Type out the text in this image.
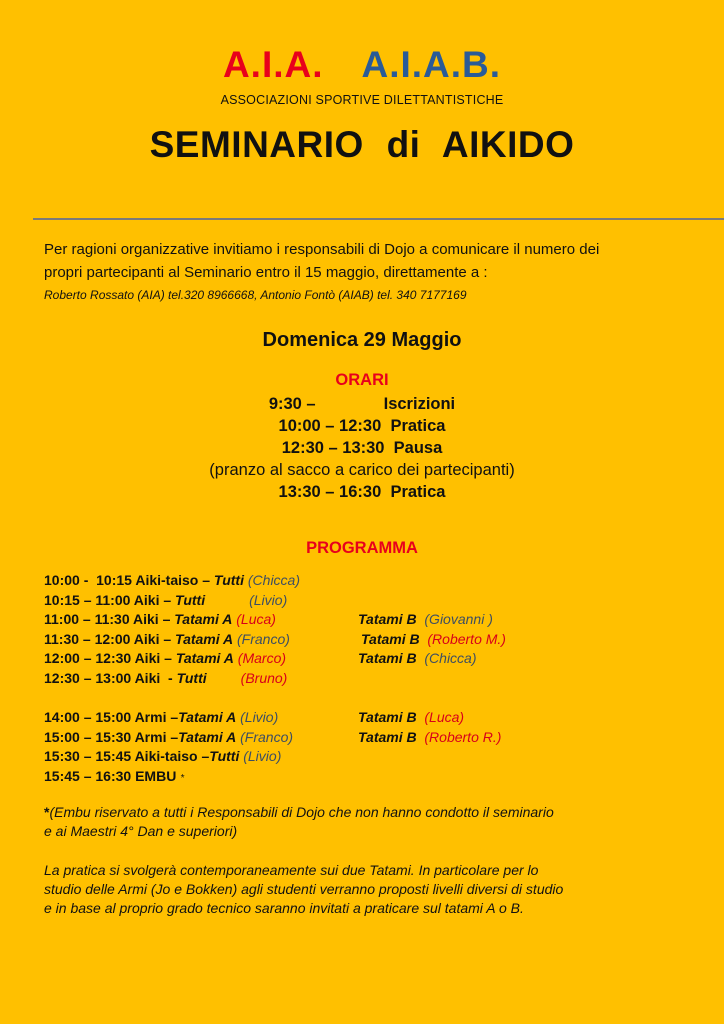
A.I.A. A.I.A.B.
ASSOCIAZIONI SPORTIVE DILETTANTISTICHE
SEMINARIO di AIKIDO
Per ragioni organizzative invitiamo i responsabili di Dojo a comunicare il numero dei
propri partecipanti al Seminario entro il 15 maggio, direttamente a :
Roberto Rossato (AIA) tel.320 8966668, Antonio Fontò (AIAB) tel. 340 7177169
Domenica 29 Maggio
ORARI
9:30 –	Iscrizioni
10:00 – 12:30 Pratica
12:30 – 13:30 Pausa
(pranzo al sacco a carico dei partecipanti)
13:30 – 16:30 Pratica
PROGRAMMA
10:00 -  10:15 Aiki-taiso – Tutti (Chicca)
10:15 – 11:00 Aiki – Tutti	(Livio)
11:00 – 11:30 Aiki – Tatami A (Luca)	Tatami B (Giovanni )
11:30 – 12:00 Aiki – Tatami A (Franco)	Tatami B (Roberto M.)
12:00 – 12:30 Aiki – Tatami A (Marco)	Tatami B (Chicca)
12:30 – 13:00 Aiki  - Tutti (Bruno)
14:00 – 15:00 Armi –Tatami A (Livio)	Tatami B (Luca)
15:00 – 15:30 Armi –Tatami A (Franco)	Tatami B (Roberto R.)
15:30 – 15:45 Aiki-taiso –Tutti (Livio)
15:45 – 16:30 EMBU *
*(Embu riservato a tutti i Responsabili di Dojo che non hanno condotto il seminario
e ai Maestri 4° Dan e superiori)
La pratica si svolgerà contemporaneamente sui due Tatami. In particolare per lo
studio delle Armi (Jo e Bokken) agli studenti verranno proposti livelli diversi di studio
e in base al proprio grado tecnico saranno invitati a praticare sul tatami A o B.
